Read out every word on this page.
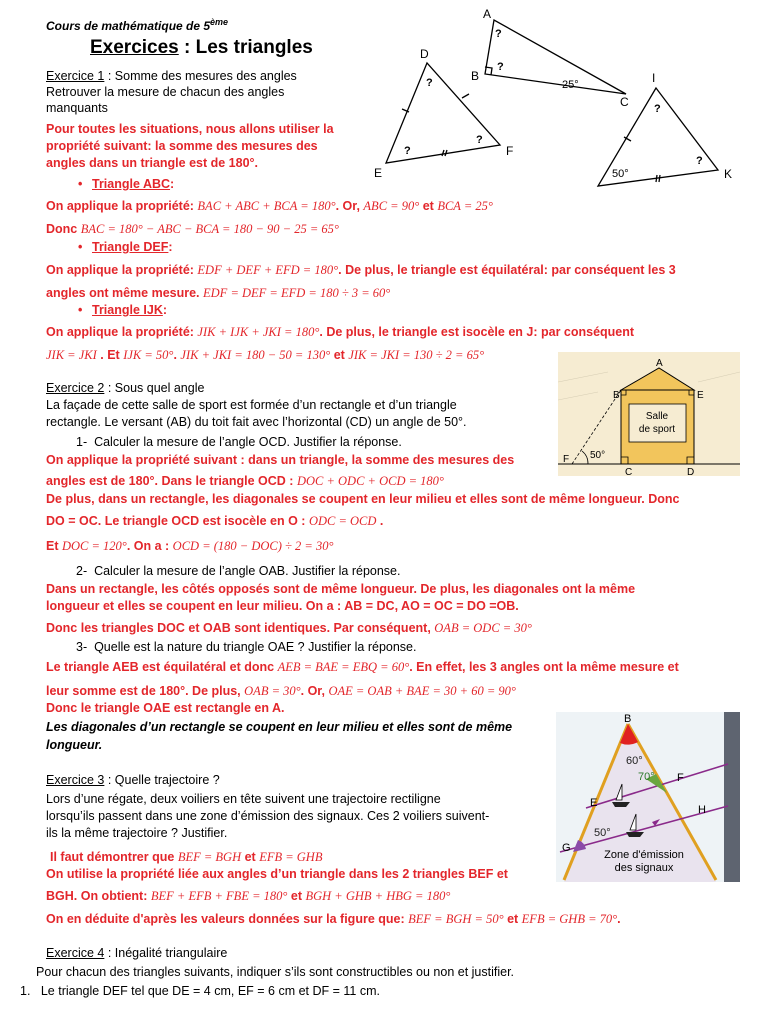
Cours de mathématique de 5ème
Exercices : Les triangles
Exercice 1 : Somme des mesures des angles
Retrouver la mesure de chacun des angles
manquants
Pour toutes les situations, nous allons utiliser la
propriété suivant: la somme des mesures des
angles dans un triangle est de 180°.
• Triangle ABC:
On applique la propriété: BAC + ABC + BCA = 180°. Or, ABC = 90° et BCA = 25°
Donc BAC = 180° − ABC − BCA = 180 − 90 − 25 = 65°
• Triangle DEF:
On applique la propriété: EDF + DEF + EFD = 180°. De plus, le triangle est équilatéral: par conséquent les 3
angles ont même mesure. EDF = DEF = EFD = 180 ÷ 3 = 60°
• Triangle IJK:
On applique la propriété: JIK + IJK + JKI = 180°. De plus, le triangle est isocèle en J: par conséquent
JIK = JKI . Et IJK = 50°. JIK + JKI = 180 − 50 = 130° et JIK = JKI = 130 ÷ 2 = 65°
A
B
C
?
?
25°
D
E
F
?
?
?
I
K
?
?
50°
Exercice 2 : Sous quel angle
La façade de cette salle de sport est formée d’un rectangle et d’un triangle
rectangle. Le versant (AB) du toit fait avec l’horizontal (CD) un angle de 50°.
1- Calculer la mesure de l’angle OCD. Justifier la réponse.
On applique la propriété suivant : dans un triangle, la somme des mesures des
angles est de 180°. Dans le triangle OCD : DOC + ODC + OCD = 180°
De plus, dans un rectangle, les diagonales se coupent en leur milieu et elles sont de même longueur. Donc
DO = OC. Le triangle OCD est isocèle en O : ODC = OCD .
Et DOC = 120°. On a : OCD = (180 − DOC) ÷ 2 = 30°
2- Calculer la mesure de l’angle OAB. Justifier la réponse.
Dans un rectangle, les côtés opposés sont de même longueur. De plus, les diagonales ont la même
longueur et elles se coupent en leur milieu. On a : AB = DC, AO = OC = DO =OB.
Donc les triangles DOC et OAB sont identiques. Par conséquent, OAB = ODC = 30°
3- Quelle est la nature du triangle OAE ? Justifier la réponse.
Le triangle AEB est équilatéral et donc AEB = BAE = EBQ = 60°. En effet, les 3 angles ont la même mesure et
leur somme est de 180°. De plus, OAB = 30°. Or, OAE = OAB + BAE = 30 + 60 = 90°
Donc le triangle OAE est rectangle en A.
Les diagonales d’un rectangle se coupent en leur milieu et elles sont de même
longueur.
A
B	E
F
C	D
50°
Salle
de sport
Exercice 3 : Quelle trajectoire ?
Lors d’une régate, deux voiliers en tête suivent une trajectoire rectiligne
lorsqu’ils passent dans une zone d’émission des signaux. Ces 2 voiliers suivent-
ils la même trajectoire ? Justifier.
Il faut démontrer que BEF = BGH et EFB = GHB
On utilise la propriété liée aux angles d’un triangle dans les 2 triangles BEF et
BGH. On obtient: BEF + EFB + FBE = 180° et BGH + GHB + HBG = 180°
On en déduite d'après les valeurs données sur la figure que: BEF = BGH = 50° et EFB = GHB = 70°.
B
E
F
G
H
60°
70°
50°
Zone d'émission
des signaux
Exercice 4 : Inégalité triangulaire
Pour chacun des triangles suivants, indiquer s’ils sont constructibles ou non et justifier.
1. Le triangle DEF tel que DE = 4 cm, EF = 6 cm et DF = 11 cm.
